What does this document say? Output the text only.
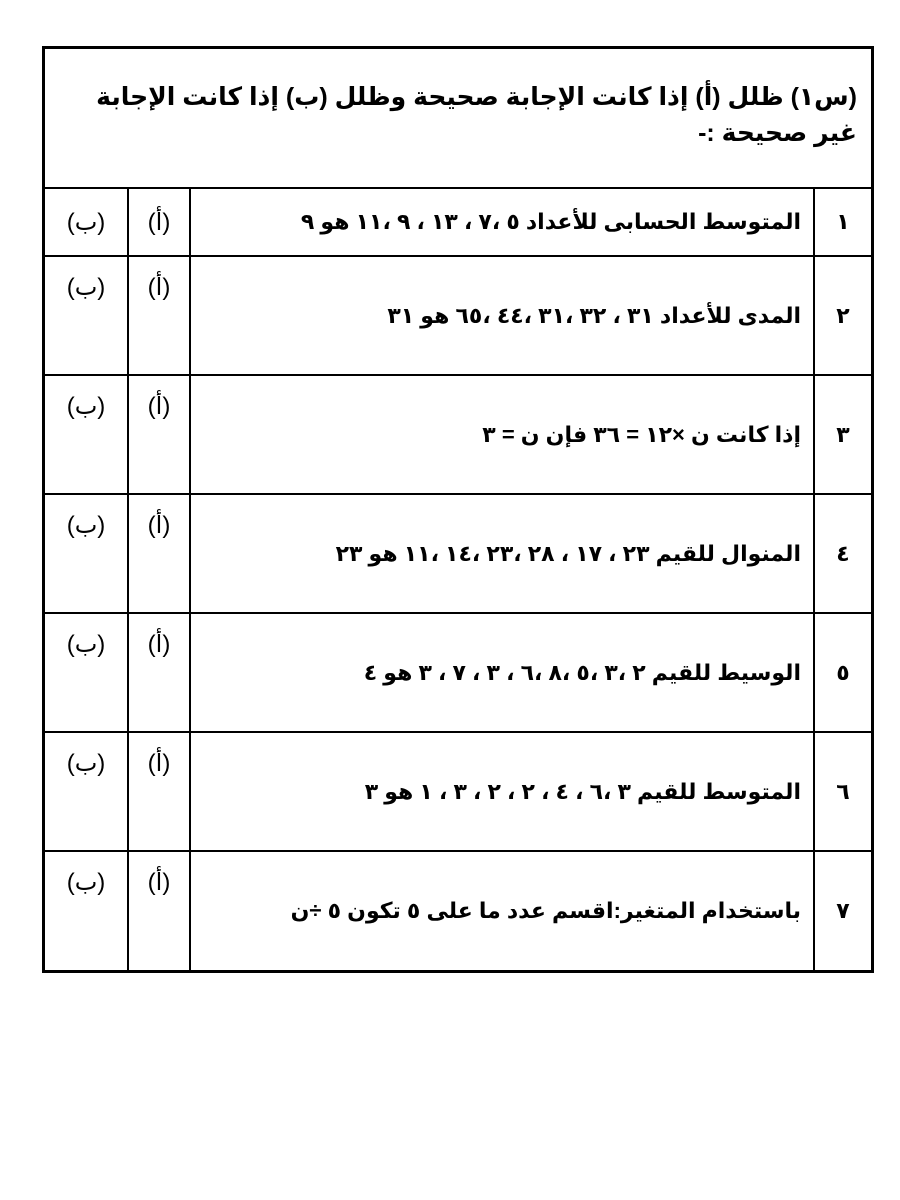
(س١) ظلل (أ) إذا كانت الإجابة صحيحة وظلل (ب) إذا كانت الإجابة غير صحيحة :-
١	المتوسط الحسابى للأعداد ٥ ،٧ ، ١٣ ، ٩ ،١١ هو ٩	(أ)	(ب)
٢	المدى للأعداد ٣١ ، ٣٢ ،٣١ ،٤٤ ،٦٥ هو ٣١	(أ)	(ب)
٣	إذا كانت ن ×١٢ = ٣٦ فإن ن = ٣	(أ)	(ب)
٤	المنوال للقيم ٢٣ ، ١٧ ، ٢٨ ،٢٣ ،١٤ ،١١ هو ٢٣	(أ)	(ب)
٥	الوسيط للقيم ٢ ،٣ ،٥ ،٨ ،٦ ، ٣ ، ٧ ، ٣ هو ٤	(أ)	(ب)
٦	المتوسط للقيم ٣ ،٦ ، ٤ ، ٢ ، ٢ ، ٣ ، ١ هو ٣	(أ)	(ب)
٧	باستخدام المتغير:اقسم عدد ما على ٥ تكون ٥ ÷ن	(أ)	(ب)
